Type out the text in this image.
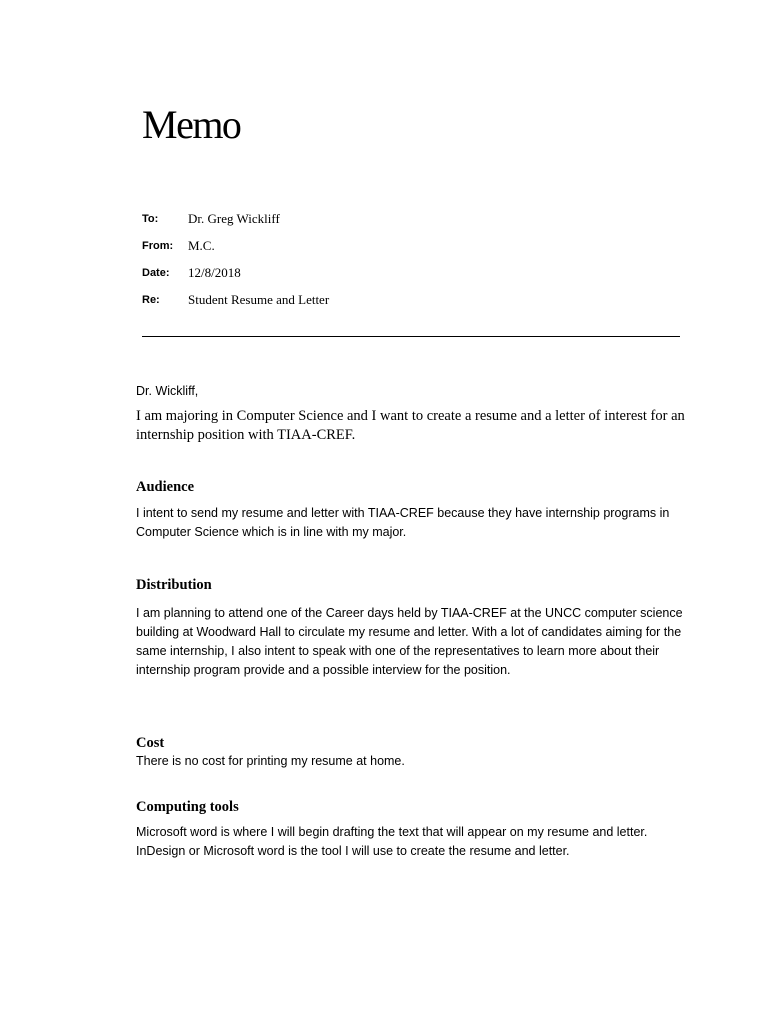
Memo
To:	Dr. Greg Wickliff
From:	M.C.
Date:	12/8/2018
Re:	Student Resume and Letter

Dr. Wickliff,

I am majoring in Computer Science and I want to create a resume and a letter of interest for an internship position with TIAA-CREF.

Audience

I intent to send my resume and letter with TIAA-CREF because they have internship programs in Computer Science which is in line with my major.

Distribution

I am planning to attend one of the Career days held by TIAA-CREF at the UNCC computer science building at Woodward Hall to circulate my resume and letter. With a lot of candidates aiming for the same internship, I also intent to speak with one of the representatives to learn more about their internship program provide and a possible interview for the position.

Cost

There is no cost for printing my resume at home.

Computing tools

Microsoft word is where I will begin drafting the text that will appear on my resume and letter.  InDesign or Microsoft word is the tool I will use to create the resume and letter.
